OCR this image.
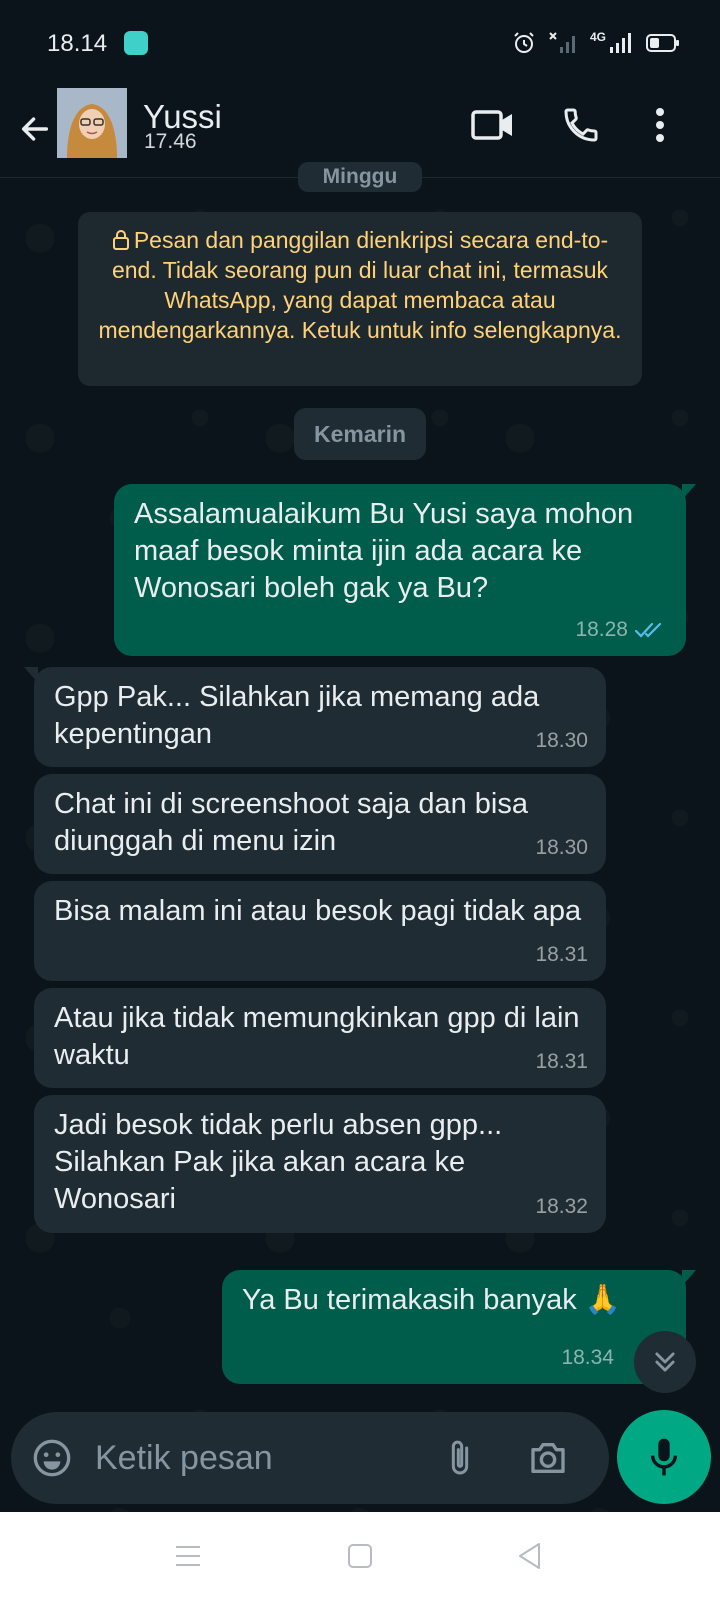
18.14	4G
Yussi
17.46
Minggu
Pesan dan panggilan dienkripsi secara end-to-end. Tidak seorang pun di luar chat ini, termasuk WhatsApp, yang dapat membaca atau mendengarkannya. Ketuk untuk info selengkapnya.
Kemarin
Assalamualaikum Bu Yusi saya mohon maaf besok minta ijin ada acara ke Wonosari boleh gak ya Bu?
18.28
Gpp Pak... Silahkan jika memang ada kepentingan	18.30
Chat ini di screenshoot saja dan bisa diunggah di menu izin	18.30
Bisa malam ini atau besok pagi tidak apa
18.31
Atau jika tidak memungkinkan gpp di lain waktu	18.31
Jadi besok tidak perlu absen gpp... Silahkan Pak jika akan acara ke Wonosari	18.32
Ya Bu terimakasih banyak 🙏
18.34
Ketik pesan
